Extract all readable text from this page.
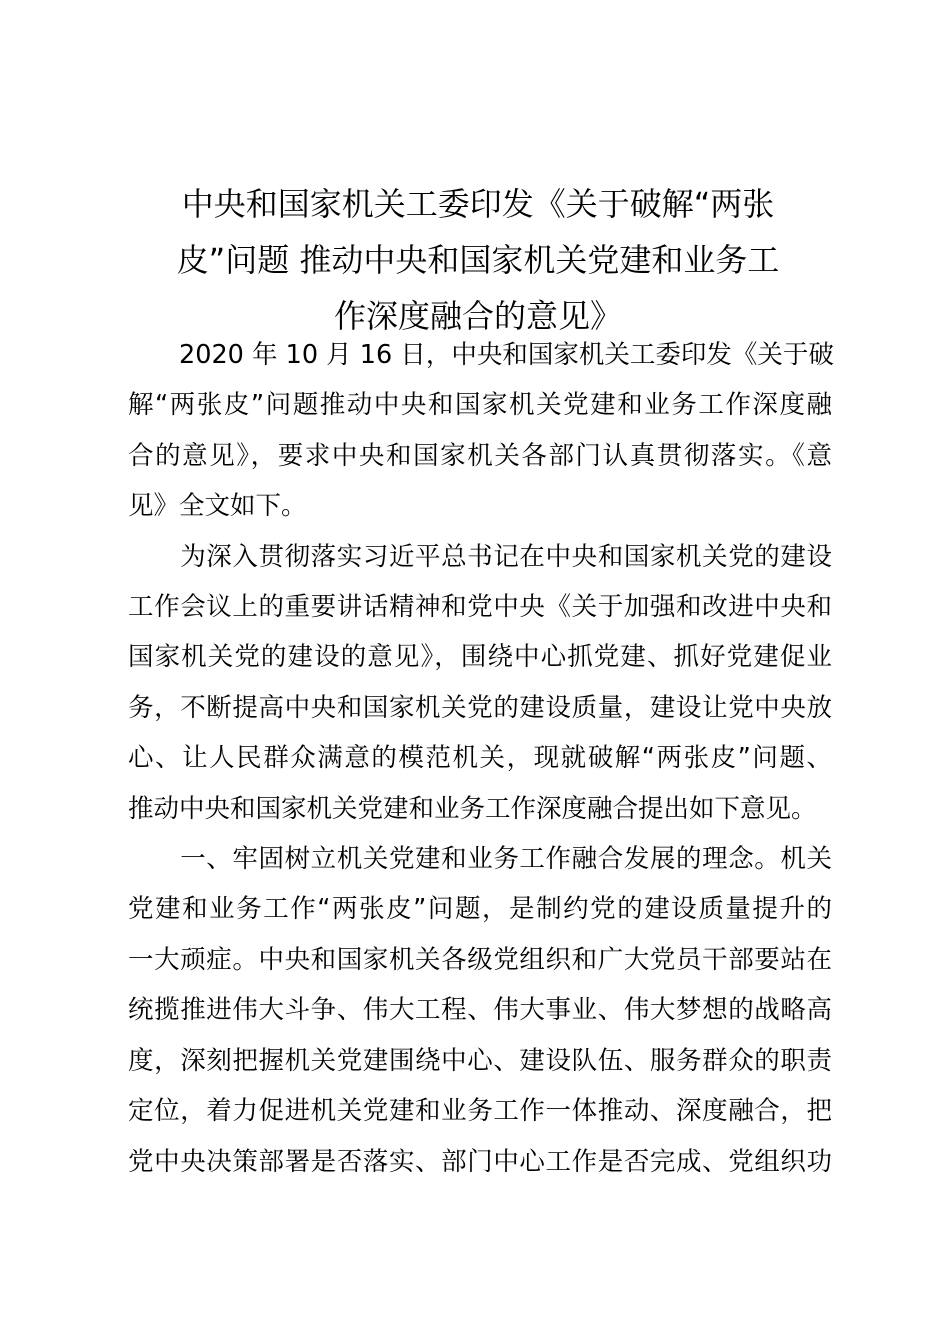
中央和国家机关工委印发《关于破解“两张
皮”问题 推动中央和国家机关党建和业务工
作深度融合的意见》

　　2020 年 10 月 16 日，中央和国家机关工委印发《关于破
解“两张皮”问题推动中央和国家机关党建和业务工作深度融
合的意见》，要求中央和国家机关各部门认真贯彻落实。《意
见》全文如下。

　　为深入贯彻落实习近平总书记在中央和国家机关党的建设
工作会议上的重要讲话精神和党中央《关于加强和改进中央和
国家机关党的建设的意见》，围绕中心抓党建、抓好党建促业
务，不断提高中央和国家机关党的建设质量，建设让党中央放
心、让人民群众满意的模范机关，现就破解“两张皮”问题、
推动中央和国家机关党建和业务工作深度融合提出如下意见。

　　一、牢固树立机关党建和业务工作融合发展的理念。机关
党建和业务工作“两张皮”问题，是制约党的建设质量提升的
一大顽症。中央和国家机关各级党组织和广大党员干部要站在
统揽推进伟大斗争、伟大工程、伟大事业、伟大梦想的战略高
度，深刻把握机关党建围绕中心、建设队伍、服务群众的职责
定位，着力促进机关党建和业务工作一体推动、深度融合，把
党中央决策部署是否落实、部门中心工作是否完成、党组织功
